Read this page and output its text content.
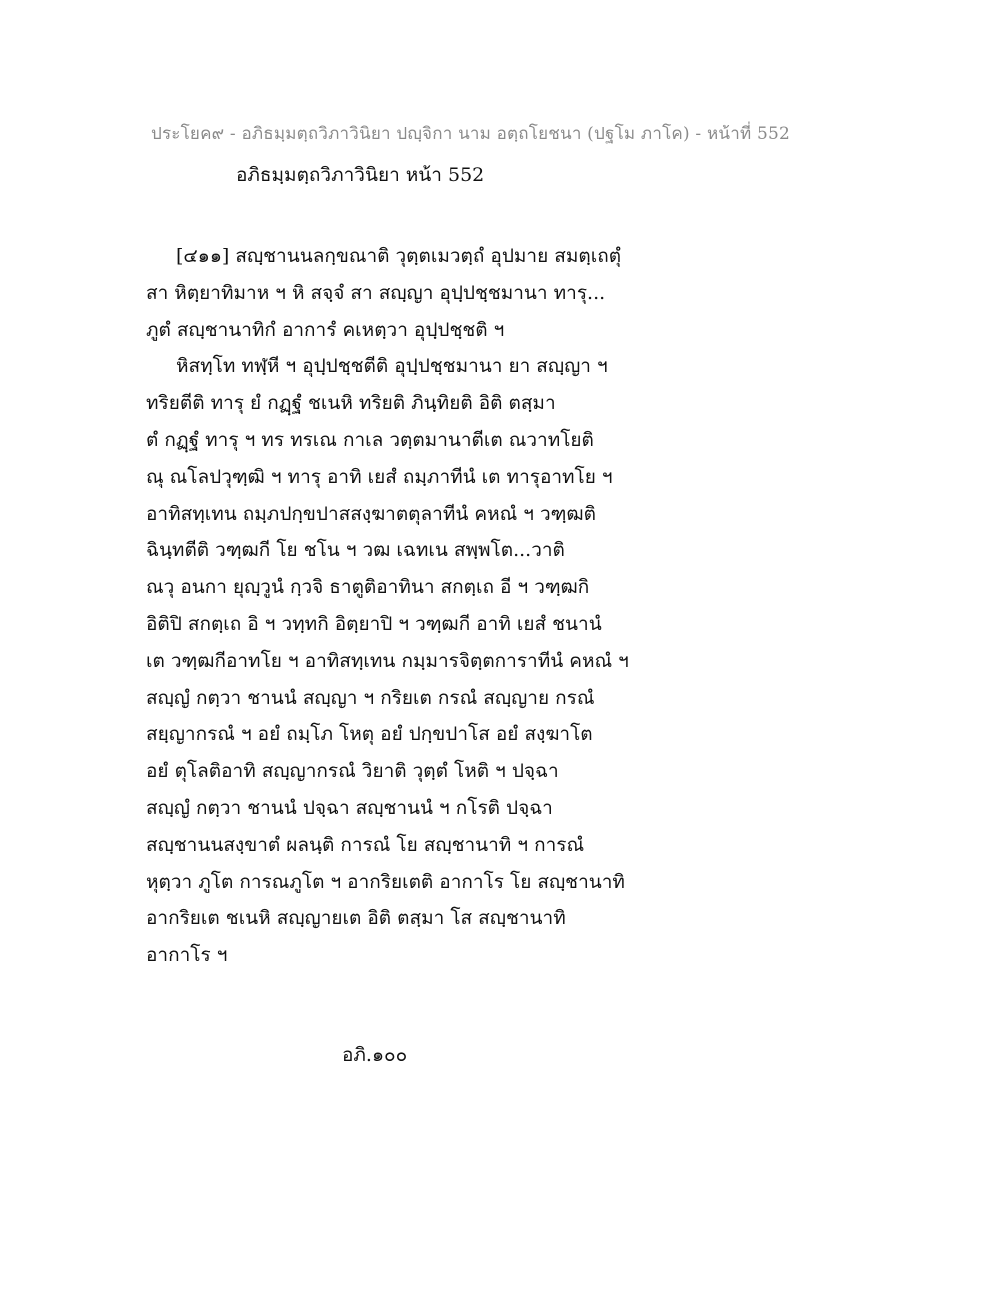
ประโยค๙ - อภิธมฺมตฺถวิภาวินิยา ปญฺจิกา นาม อตฺถโยชนา (ปฐโม ภาโค) - หน้าที่ 552
อภิธมฺมตฺถวิภาวินิยา หน้า 552
[๔๑๑] สญฺชานนลกฺขณาติ วุตฺตเมวตฺถํ อุปมาย สมตฺเถตุํ
สา หิตฺยาทิมาห ฯ หิ สจฺจํ สา สญฺญา อุปฺปชฺชมานา ทารุ...
ภูตํ สญฺชานาทิกํ อาการํ คเหตฺวา อุปฺปชฺชติ ฯ
หิสทฺโท ทฬฺหี ฯ อุปฺปชฺชตีติ อุปฺปชฺชมานา ยา สญฺญา ฯ
ทริยตีติ ทารุ ยํ กฏฺฐํ ชเนหิ ทริยติ ภินฺทิยติ อิติ ตสฺมา
ตํ กฏฺฐํ ทารุ ฯ ทร ทรเณ กาเล วตฺตมานาตีเต ณวาทโยติ
ณุ ณโลปวุฑฺฒิ ฯ ทารุ อาทิ เยสํ ถมฺภาทีนํ เต ทารุอาทโย ฯ
อาทิสทฺเทน ถมฺภปกฺขปาสสงฺฆาตตุลาทีนํ คหณํ ฯ วฑฺฒติ
ฉินฺทตีติ วฑฺฒกี โย ชโน ฯ วฒ เฉทเน สพฺพโต...วาติ
ณวุ อนกา ยุญฺวูนํ กฺวจิ ธาตูติอาทินา สกตฺเถ อี ฯ วฑฺฒกิ
อิติปิ สกตฺเถ อิ ฯ วทฺทกิ อิตฺยาปิ ฯ วฑฺฒกี อาทิ เยสํ ชนานํ
เต วฑฺฒกีอาทโย ฯ อาทิสทฺเทน กมฺมารจิตฺตการาทีนํ คหณํ ฯ
สญฺญํ กตฺวา ชานนํ สญฺญา ฯ กริยเต กรณํ สญฺญาย กรณํ
สยฺญากรณํ ฯ อยํ ถมฺโภ โหตุ อยํ ปกฺขปาโส อยํ สงฺฆาโต
อยํ ตุโลติอาทิ สญฺญากรณํ วิยาติ วุตฺตํ โหติ ฯ ปจฺฉา
สญฺญํ กตฺวา ชานนํ ปจฺฉา สญฺชานนํ ฯ กโรติ ปจฺฉา
สญฺชานนสงฺขาตํ ผลนฺติ การณํ โย สญฺชานาทิ ฯ การณํ
หุตฺวา ภูโต การณภูโต ฯ อากริยเตติ อากาโร โย สญฺชานาทิ
อากริยเต ชเนหิ สญฺญายเต อิติ ตสฺมา โส สญฺชานาทิ
อากาโร ฯ
อภิ.๑๐๐
